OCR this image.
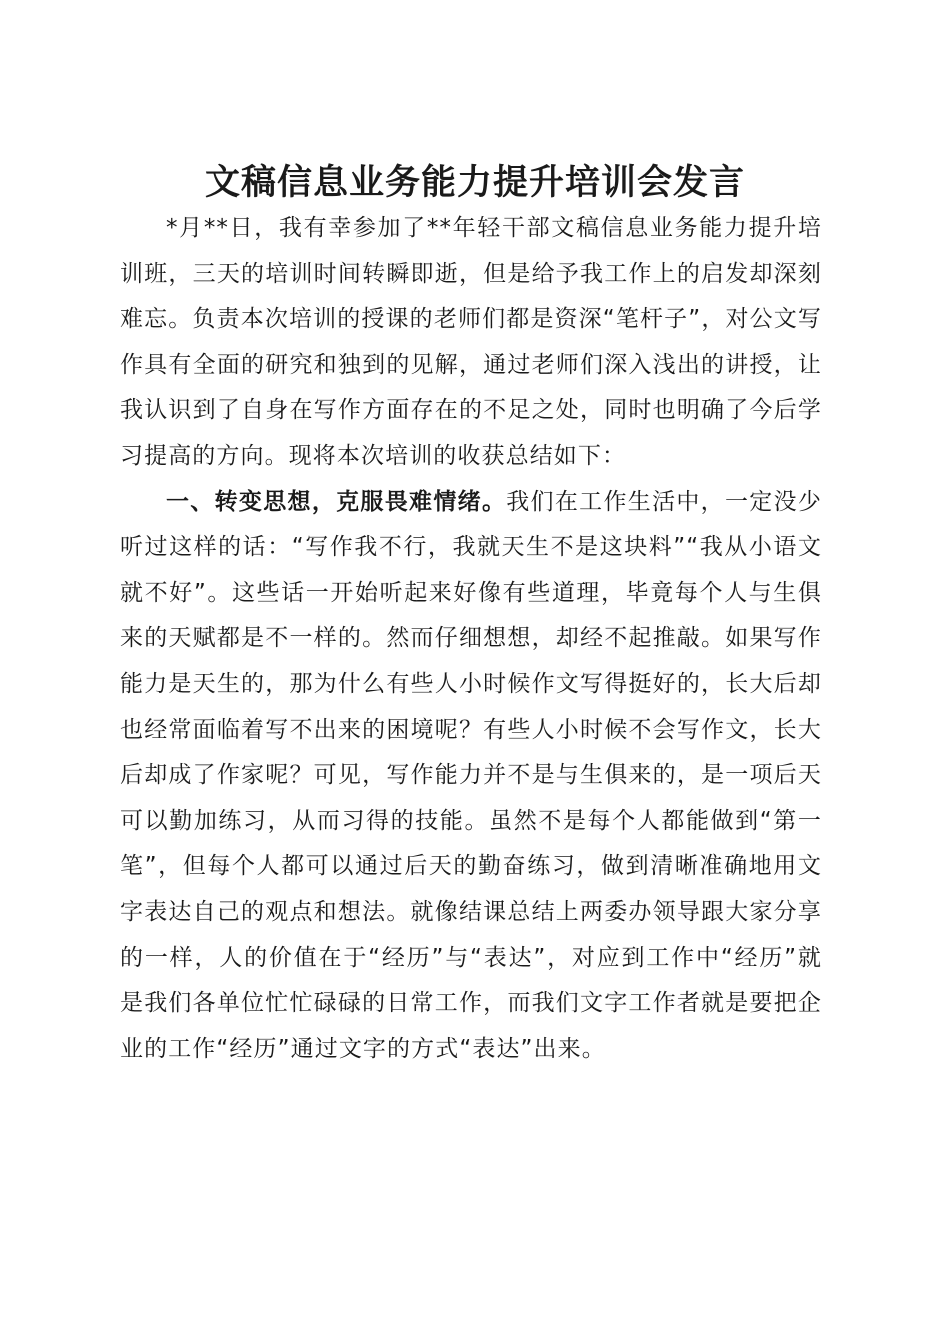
文稿信息业务能力提升培训会发言

*月**日，我有幸参加了**年轻干部文稿信息业务能力提升培训班，三天的培训时间转瞬即逝，但是给予我工作上的启发却深刻难忘。负责本次培训的授课的老师们都是资深“笔杆子”，对公文写作具有全面的研究和独到的见解，通过老师们深入浅出的讲授，让我认识到了自身在写作方面存在的不足之处，同时也明确了今后学习提高的方向。现将本次培训的收获总结如下：

一、转变思想，克服畏难情绪。我们在工作生活中，一定没少听过这样的话：“写作我不行，我就天生不是这块料”“我从小语文就不好”。这些话一开始听起来好像有些道理，毕竟每个人与生俱来的天赋都是不一样的。然而仔细想想，却经不起推敲。如果写作能力是天生的，那为什么有些人小时候作文写得挺好的，长大后却也经常面临着写不出来的困境呢？有些人小时候不会写作文，长大后却成了作家呢？可见，写作能力并不是与生俱来的，是一项后天可以勤加练习，从而习得的技能。虽然不是每个人都能做到“第一笔”，但每个人都可以通过后天的勤奋练习，做到清晰准确地用文字表达自己的观点和想法。就像结课总结上两委办领导跟大家分享的一样，人的价值在于“经历”与“表达”，对应到工作中“经历”就是我们各单位忙忙碌碌的日常工作，而我们文字工作者就是要把企业的工作“经历”通过文字的方式“表达”出来。
